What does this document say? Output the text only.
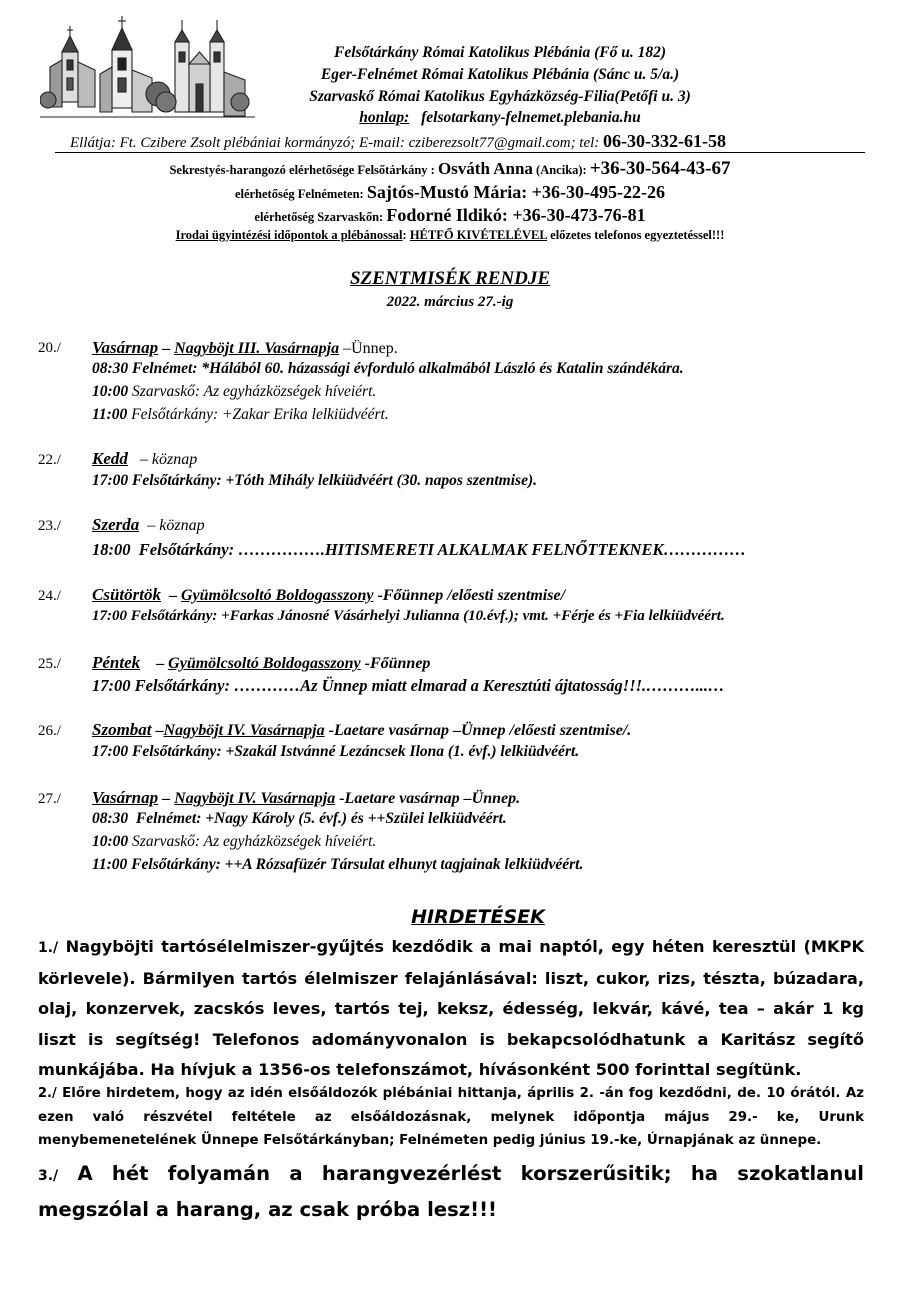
Felsőtárkány Római Katolikus Plébánia (Fő u. 182)
Eger-Felnémet Római Katolikus Plébánia (Sánc u. 5/a.)
Szarvaskő Római Katolikus Egyházközség-Filia(Petőfi u. 3)
honlap: felsotarkany-felnemet.plebania.hu
Ellátja: Ft. Czibere Zsolt plébániai kormányzó; E-mail: cziberezsolt77@gmail.com; tel: 06-30-332-61-58
Sekrestyés-harangozó elérhetősége Felsőtárkány : Osváth Anna (Ancika): +36-30-564-43-67
elérhetőség Felnémeten: Sajtós-Mustó Mária: +36-30-495-22-26
elérhetőség Szarvaskőn: Fodorné Ildikó: +36-30-473-76-81
Irodai ügyintézési időpontok a plébánossal: HÉTFŐ KIVÉTELÉVEL előzetes telefonos egyeztetéssel!!!
SZENTMISÉK RENDJE
2022. március 27.-ig
20./ Vasárnap – Nagyböjt III. Vasárnapja –Ünnep.
08:30 Felnémet: *Hálából 60. házassági évforduló alkalmából László és Katalin szándékára.
10:00 Szarvaskő: Az egyházközségek híveiért.
11:00 Felsőtárkány: +Zakar Erika lelkiüdvéért.
22./ Kedd   – köznap
17:00 Felsőtárkány: +Tóth Mihály lelkiüdvéért (30. napos szentmise).
23./ Szerda  – köznap
18:00  Felsőtárkány: …………….HITISMERETI ALKALMAK FELNŐTTEKNEK……………
24./ Csütörtök  – Gyümölcsoltó Boldogasszony -Főünnep /előesti szentmise/
17:00 Felsőtárkány: +Farkas Jánosné Vásárhelyi Julianna (10.évf.); vmt. +Férje és +Fia lelkiüdvéért.
25./ Péntek    – Gyümölcsoltó Boldogasszony -Főünnep
17:00 Felsőtárkány: …………Az Ünnep miatt elmarad a Keresztúti ájtatosság!!!.………...…
26./ Szombat –Nagyböjt IV. Vasárnapja -Laetare vasárnap –Ünnep /előesti szentmise/.
17:00 Felsőtárkány: +Szakál Istvánné Lezáncsek Ilona (1. évf.) lelkiüdvéért.
27./ Vasárnap – Nagyböjt IV. Vasárnapja -Laetare vasárnap –Ünnep.
08:30  Felnémet: +Nagy Károly (5. évf.) és ++Szülei lelkiüdvéért.
10:00 Szarvaskő: Az egyházközségek híveiért.
11:00 Felsőtárkány: ++A Rózsafüzér Társulat elhunyt tagjainak lelkiüdvéért.
HIRDETÉSEK
1./ Nagyböjti tartósélelmiszer-gyűjtés kezdődik a mai naptól, egy héten keresztül (MKPK körlevele). Bármilyen tartós élelmiszer felajánlásával: liszt, cukor, rizs, tészta, búzadara, olaj, konzervek, zacskós leves, tartós tej, keksz, édesség, lekvár, kávé, tea – akár 1 kg liszt is segítség! Telefonos adományvonalon is bekapcsolódhatunk a Karitász segítő munkájába. Ha hívjuk a 1356-os telefonszámot, hívásonként 500 forinttal segítünk.
2./ Előre hirdetem, hogy az idén elsőáldozók plébániai hittanja, április 2. -án fog kezdődni, de. 10 órától. Az ezen való részvétel feltétele az elsőáldozásnak, melynek időpontja május 29.- ke, Urunk menybemenetelének Ünnepe Felsőtárkányban; Felnémeten pedig június 19.-ke, Úrnapjának az ünnepe.
3./ A hét folyamán a harangvezérlést korszerűsitik; ha szokatlanul megszólal a harang, az csak próba lesz!!!
